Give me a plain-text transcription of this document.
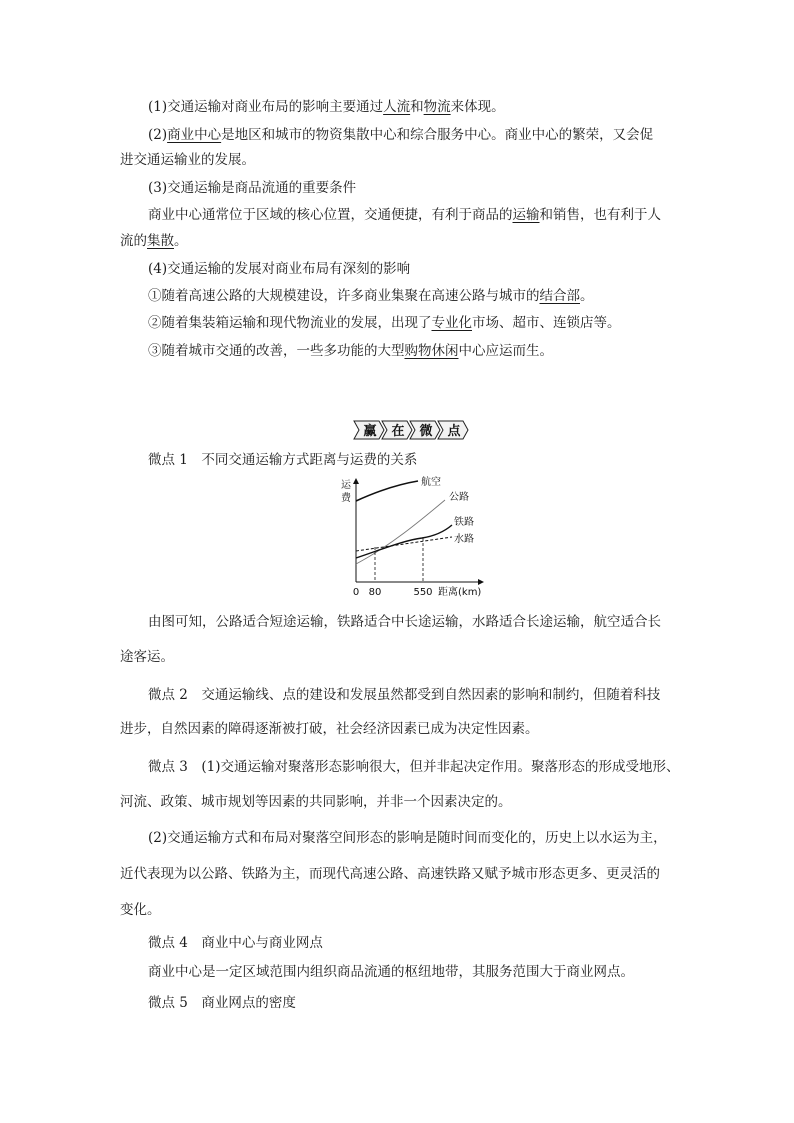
(1)交通运输对商业布局的影响主要通过人流和物流来体现。
(2)商业中心是地区和城市的物资集散中心和综合服务中心。商业中心的繁荣，又会促
进交通运输业的发展。
(3)交通运输是商品流通的重要条件
商业中心通常位于区域的核心位置，交通便捷，有利于商品的运输和销售，也有利于人
流的集散。
(4)交通运输的发展对商业布局有深刻的影响
①随着高速公路的大规模建设，许多商业集聚在高速公路与城市的结合部。
②随着集装箱运输和现代物流业的发展，出现了专业化市场、超市、连锁店等。
③随着城市交通的改善，一些多功能的大型购物休闲中心应运而生。
赢 在 微 点
微点 1　不同交通运输方式距离与运费的关系
运
费
航空
公路
铁路
水路
0 80	550 距离(km)
由图可知，公路适合短途运输，铁路适合中长途运输，水路适合长途运输，航空适合长
途客运。
微点 2　交通运输线、点的建设和发展虽然都受到自然因素的影响和制约，但随着科技
进步，自然因素的障碍逐渐被打破，社会经济因素已成为决定性因素。
微点 3　(1)交通运输对聚落形态影响很大，但并非起决定作用。聚落形态的形成受地形、
河流、政策、城市规划等因素的共同影响，并非一个因素决定的。
(2)交通运输方式和布局对聚落空间形态的影响是随时间而变化的，历史上以水运为主，
近代表现为以公路、铁路为主，而现代高速公路、高速铁路又赋予城市形态更多、更灵活的
变化。
微点 4　商业中心与商业网点
商业中心是一定区域范围内组织商品流通的枢纽地带，其服务范围大于商业网点。
微点 5　商业网点的密度
